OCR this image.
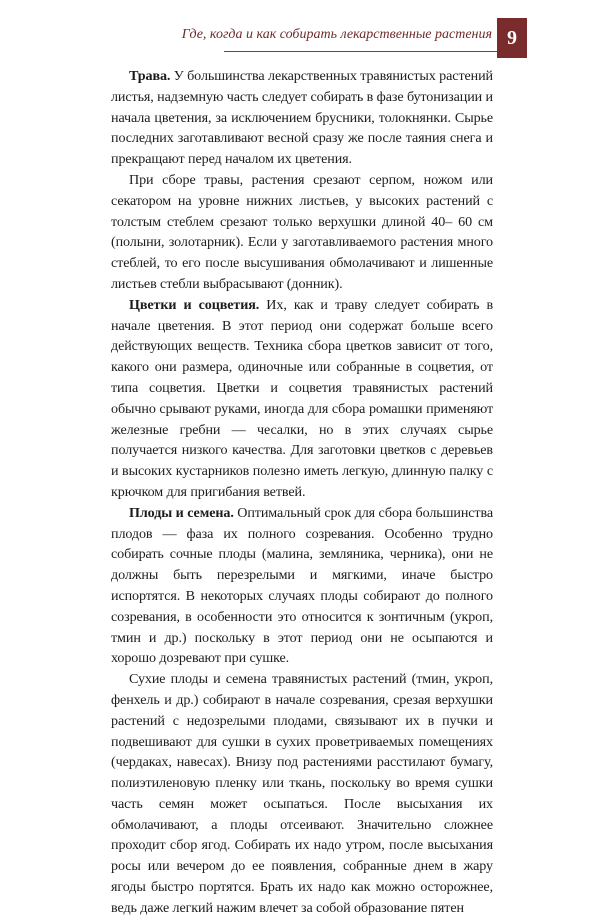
Где, когда и как собирать лекарственные растения 9

Трава. У большинства лекарственных травянистых растений листья, надземную часть следует собирать в фазе бутонизации и начала цветения, за исключением брусники, толокнянки. Сырье последних заготавливают весной сразу же после таяния снега и прекращают перед началом их цветения.

При сборе травы, растения срезают серпом, ножом или секатором на уровне нижних листьев, у высоких растений с толстым стеблем срезают только верхушки длиной 40– 60 см (полыни, золотарник). Если у заготавливаемого растения много стеблей, то его после высушивания обмолачивают и лишенные листьев стебли выбрасывают (донник).

Цветки и соцветия. Их, как и траву следует собирать в начале цветения. В этот период они содержат больше всего действующих веществ. Техника сбора цветков зависит от того, какого они размера, одиночные или собранные в соцветия, от типа соцветия. Цветки и соцветия травянистых растений обычно срывают руками, иногда для сбора ромашки применяют железные гребни — чесалки, но в этих случаях сырье получается низкого качества. Для заготовки цветков с деревьев и высоких кустарников полезно иметь легкую, длинную палку с крючком для пригибания ветвей.

Плоды и семена. Оптимальный срок для сбора большинства плодов — фаза их полного созревания. Особенно трудно собирать сочные плоды (малина, земляника, черника), они не должны быть перезрелыми и мягкими, иначе быстро испортятся. В некоторых случаях плоды собирают до полного созревания, в особенности это относится к зонтичным (укроп, тмин и др.) поскольку в этот период они не осыпаются и хорошо дозревают при сушке.

Сухие плоды и семена травянистых растений (тмин, укроп, фенхель и др.) собирают в начале созревания, срезая верхушки растений с недозрелыми плодами, связывают их в пучки и подвешивают для сушки в сухих проветриваемых помещениях (чердаках, навесах). Внизу под растениями расстилают бумагу, полиэтиленовую пленку или ткань, поскольку во время сушки часть семян может осыпаться. После высыхания их обмолачивают, а плоды отсеивают. Значительно сложнее проходит сбор ягод. Собирать их надо утром, после высыхания росы или вечером до ее появления, собранные днем в жару ягоды быстро портятся. Брать их надо как можно осторожнее, ведь даже легкий нажим влечет за собой образование пятен
